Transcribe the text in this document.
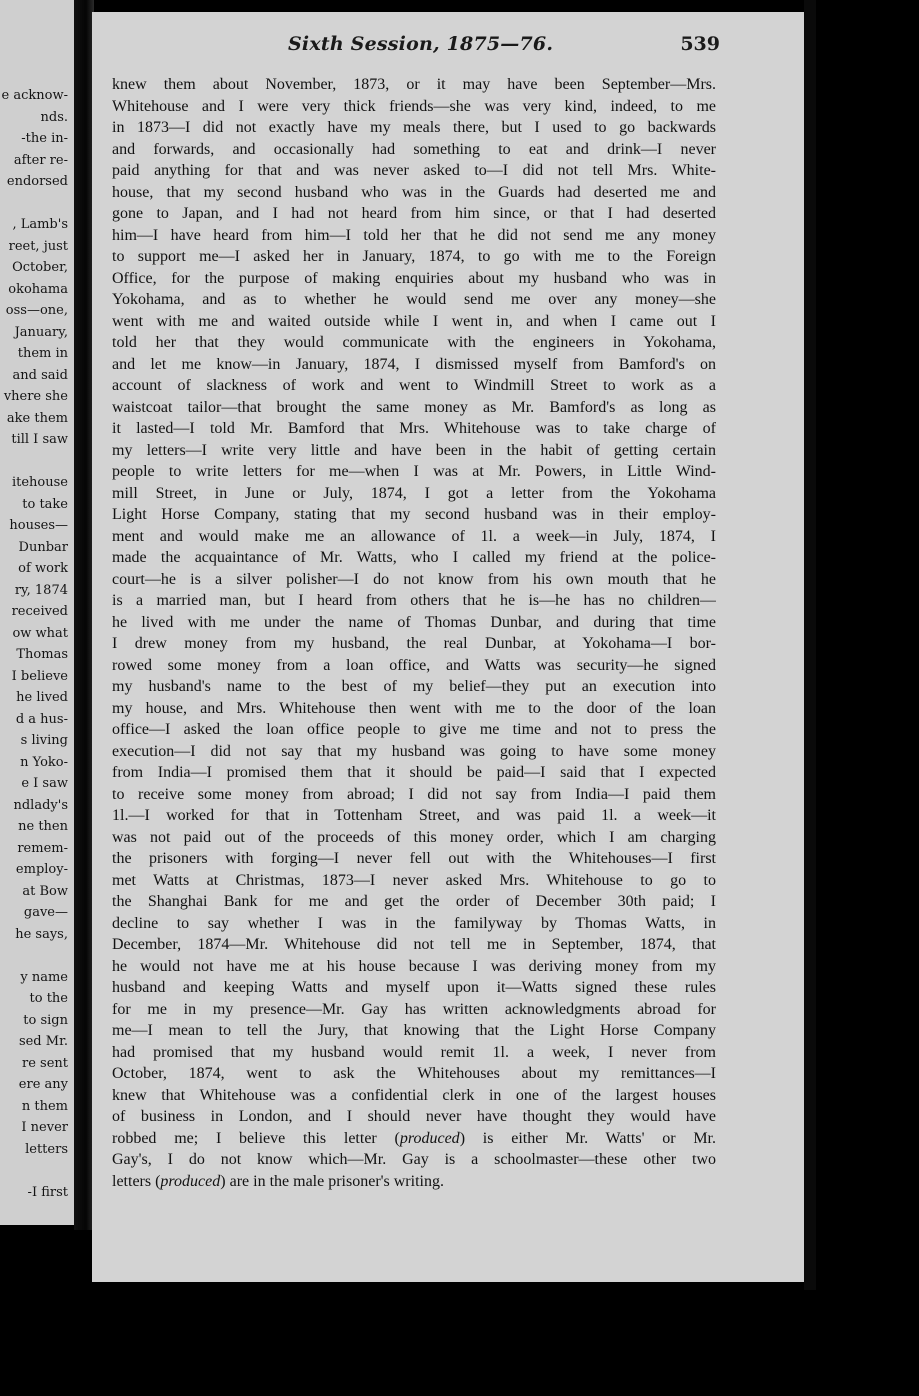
e acknow-
nds.
-the in-
after re-
endorsed
, Lamb's
reet, just
October,
okohama
oss—one,
January,
them in
and said
vhere she
ake them
till I saw
itehouse
to take
houses—
Dunbar
of work
ry, 1874
received
ow what
Thomas
I believe
he lived
d a hus-
s living
n Yoko-
e I saw
ndlady's
ne then
remem-
employ-
at Bow
gave—
he says,
y name
to the
to sign
sed Mr.
re sent
ere any
n them
I never
letters
-I first
Sixth Session, 1875—76.	539
knew them about November, 1873, or it may have been September—Mrs.
Whitehouse and I were very thick friends—she was very kind, indeed, to me
in 1873—I did not exactly have my meals there, but I used to go backwards
and forwards, and occasionally had something to eat and drink—I never
paid anything for that and was never asked to—I did not tell Mrs. White-
house, that my second husband who was in the Guards had deserted me and
gone to Japan, and I had not heard from him since, or that I had deserted
him—I have heard from him—I told her that he did not send me any money
to support me—I asked her in January, 1874, to go with me to the Foreign
Office, for the purpose of making enquiries about my husband who was in
Yokohama, and as to whether he would send me over any money—she
went with me and waited outside while I went in, and when I came out I
told her that they would communicate with the engineers in Yokohama,
and let me know—in January, 1874, I dismissed myself from Bamford's on
account of slackness of work and went to Windmill Street to work as a
waistcoat tailor—that brought the same money as Mr. Bamford's as long as
it lasted—I told Mr. Bamford that Mrs. Whitehouse was to take charge of
my letters—I write very little and have been in the habit of getting certain
people to write letters for me—when I was at Mr. Powers, in Little Wind-
mill Street, in June or July, 1874, I got a letter from the Yokohama
Light Horse Company, stating that my second husband was in their employ-
ment and would make me an allowance of 1l. a week—in July, 1874, I
made the acquaintance of Mr. Watts, who I called my friend at the police-
court—he is a silver polisher—I do not know from his own mouth that he
is a married man, but I heard from others that he is—he has no children—
he lived with me under the name of Thomas Dunbar, and during that time
I drew money from my husband, the real Dunbar, at Yokohama—I bor-
rowed some money from a loan office, and Watts was security—he signed
my husband's name to the best of my belief—they put an execution into
my house, and Mrs. Whitehouse then went with me to the door of the loan
office—I asked the loan office people to give me time and not to press the
execution—I did not say that my husband was going to have some money
from India—I promised them that it should be paid—I said that I expected
to receive some money from abroad; I did not say from India—I paid them
1l.—I worked for that in Tottenham Street, and was paid 1l. a week—it
was not paid out of the proceeds of this money order, which I am charging
the prisoners with forging—I never fell out with the Whitehouses—I first
met Watts at Christmas, 1873—I never asked Mrs. Whitehouse to go to
the Shanghai Bank for me and get the order of December 30th paid; I
decline to say whether I was in the familyway by Thomas Watts, in
December, 1874—Mr. Whitehouse did not tell me in September, 1874, that
he would not have me at his house because I was deriving money from my
husband and keeping Watts and myself upon it—Watts signed these rules
for me in my presence—Mr. Gay has written acknowledgments abroad for
me—I mean to tell the Jury, that knowing that the Light Horse Company
had promised that my husband would remit 1l. a week, I never from
October, 1874, went to ask the Whitehouses about my remittances—I
knew that Whitehouse was a confidential clerk in one of the largest houses
of business in London, and I should never have thought they would have
robbed me; I believe this letter (produced) is either Mr. Watts' or Mr.
Gay's, I do not know which—Mr. Gay is a schoolmaster—these other two
letters (produced) are in the male prisoner's writing.
